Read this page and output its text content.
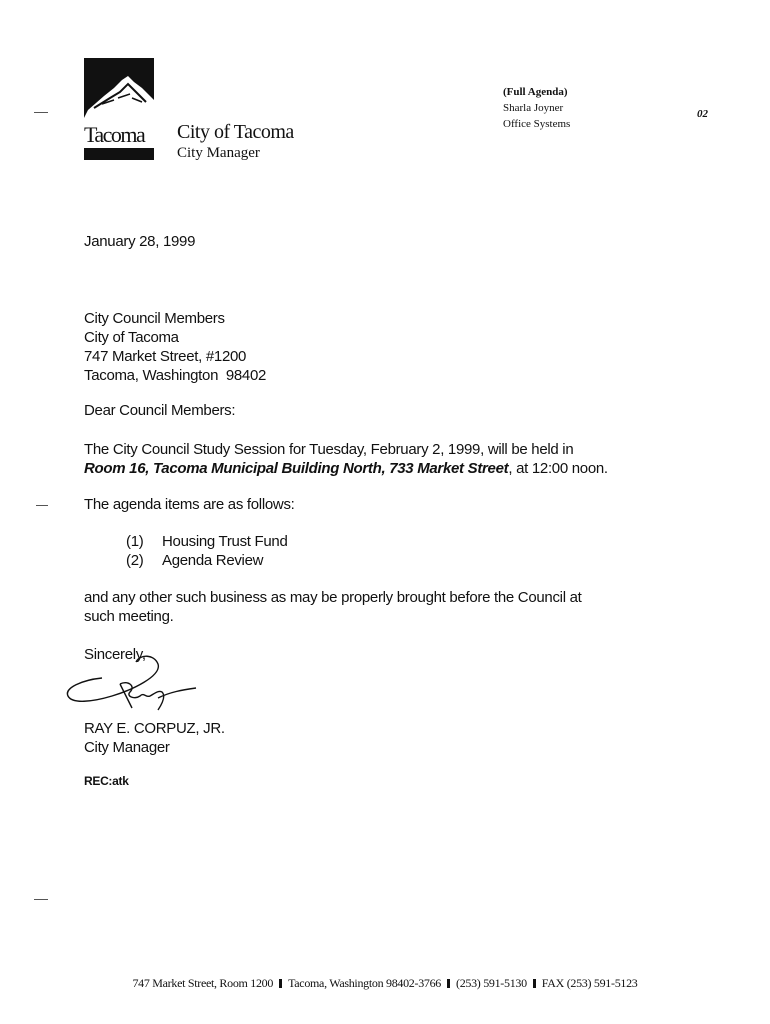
Tacoma City of Tacoma
City Manager
(Full Agenda)
Sharla Joyner
Office Systems
02
January 28, 1999
City Council Members
City of Tacoma
747 Market Street, #1200
Tacoma, Washington  98402
Dear Council Members:
The City Council Study Session for Tuesday, February 2, 1999, will be held in
Room 16, Tacoma Municipal Building North, 733 Market Street, at 12:00 noon.
The agenda items are as follows:
(1) Housing Trust Fund
(2) Agenda Review
and any other such business as may be properly brought before the Council at
such meeting.
Sincerely,
RAY E. CORPUZ, JR.
City Manager
REC:atk
747 Market Street, Room 1200 Tacoma, Washington 98402-3766 (253) 591-5130 FAX (253) 591-5123
